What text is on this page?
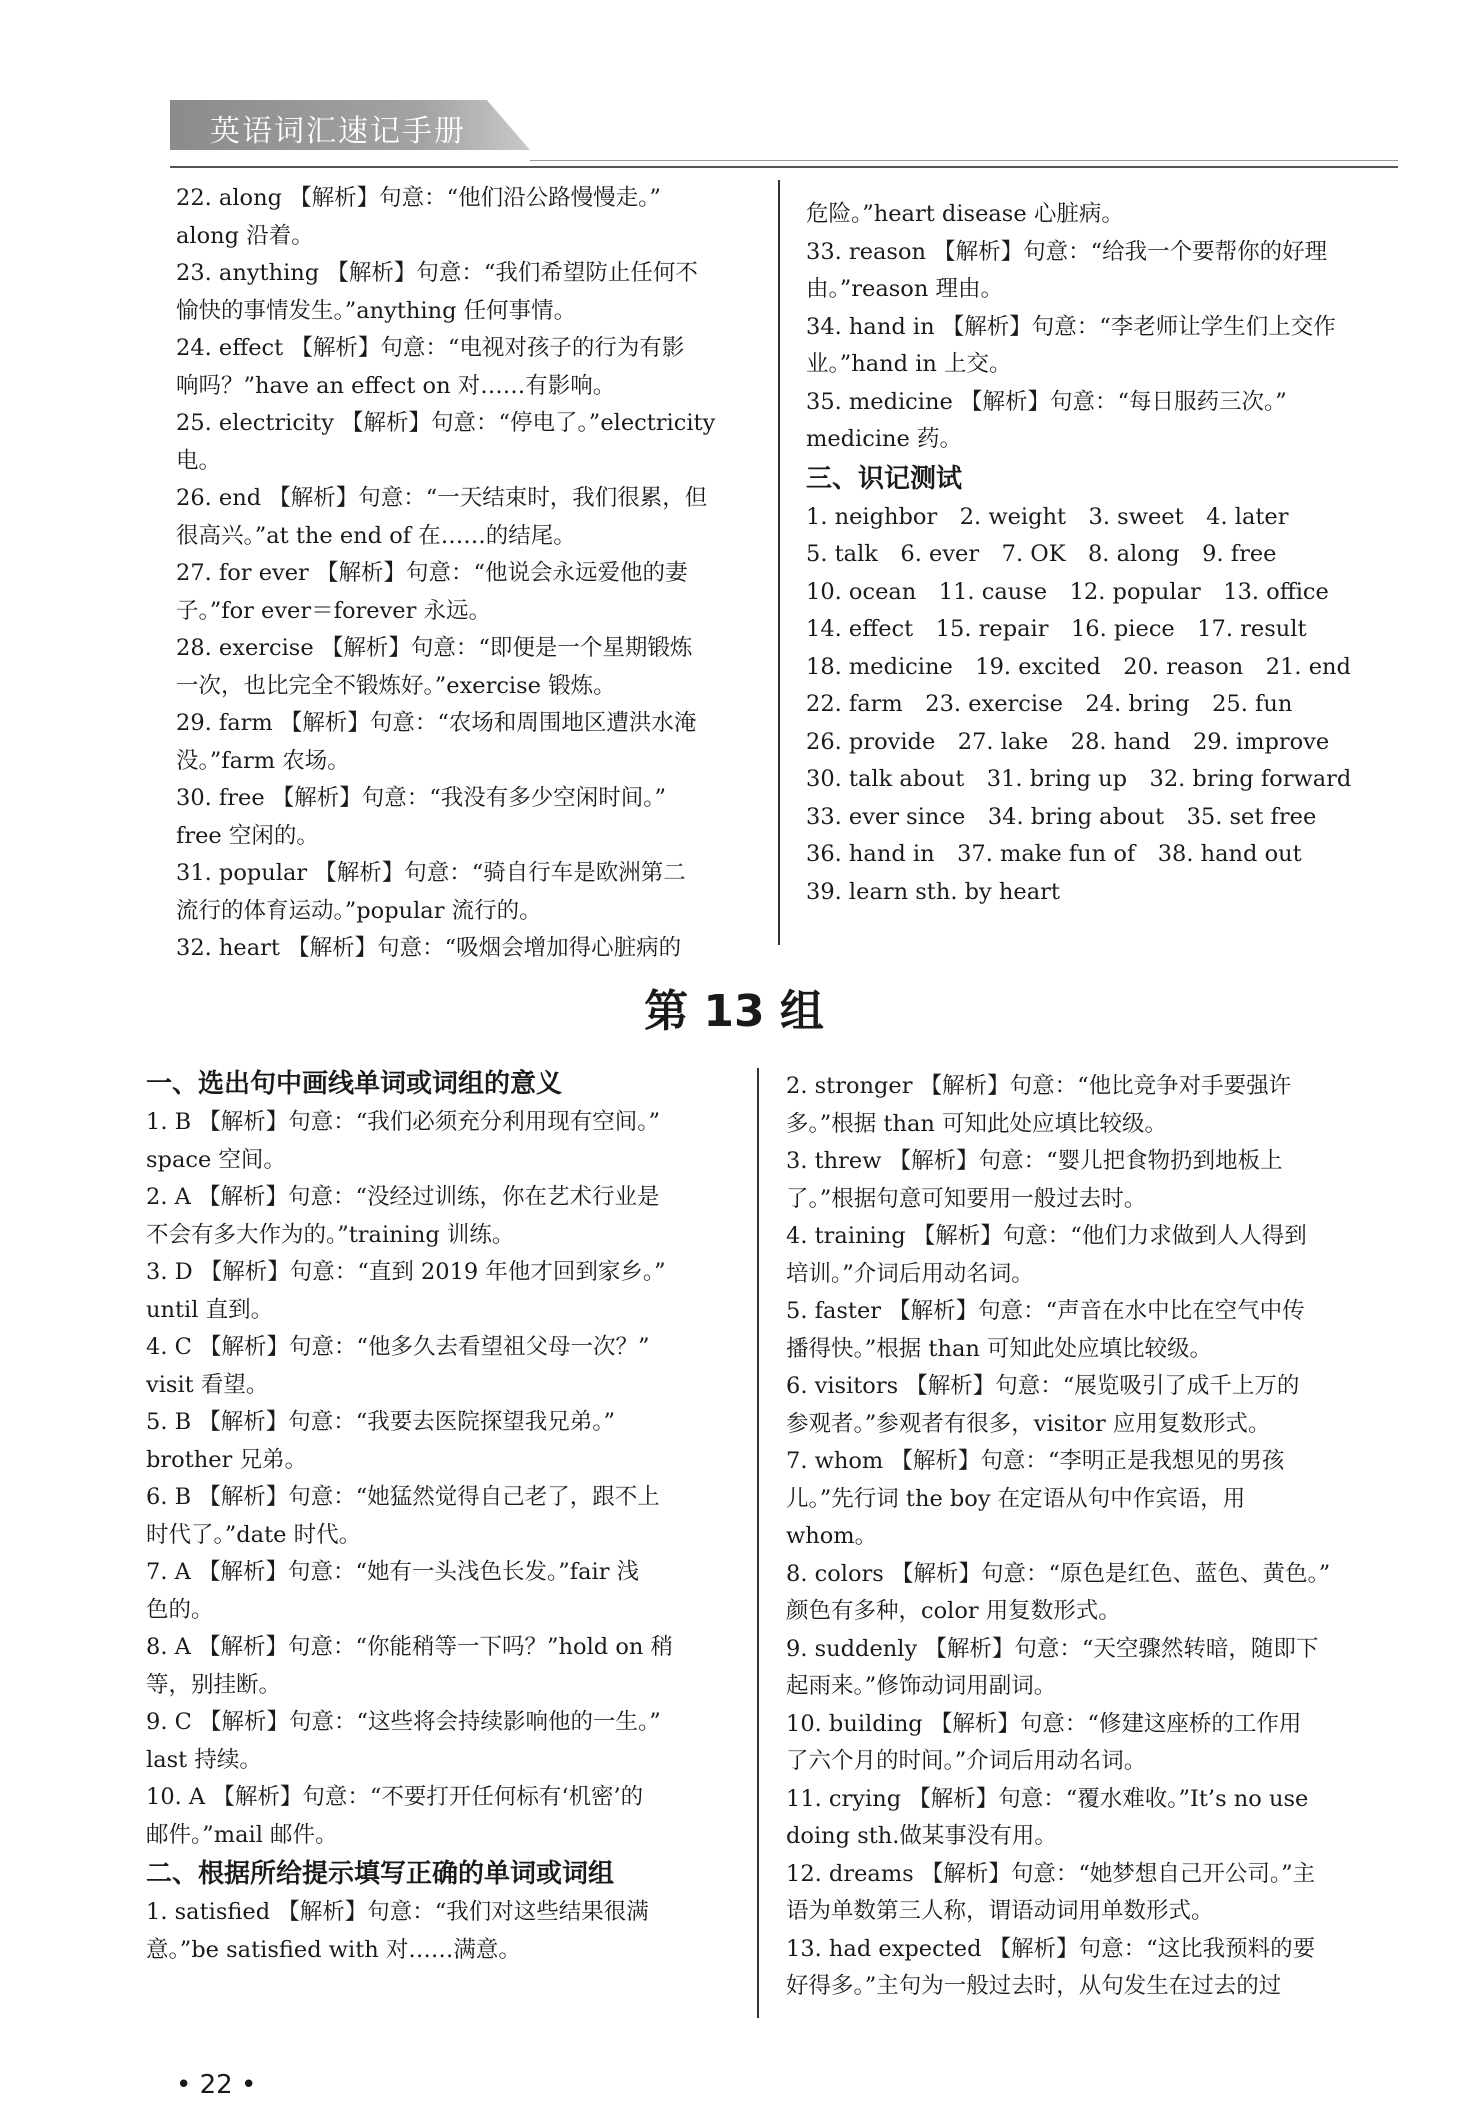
英语词汇速记手册

22. along 【解析】句意：“他们沿公路慢慢走。”

along 沿着。

23. anything 【解析】句意：“我们希望防止任何不

愉快的事情发生。”anything 任何事情。

24. effect 【解析】句意：“电视对孩子的行为有影

响吗？”have an effect on 对……有影响。

25. electricity 【解析】句意：“停电了。”electricity 电。

26. end 【解析】句意：“一天结束时，我们很累，但

很高兴。”at the end of 在……的结尾。

27. for ever 【解析】句意：“他说会永远爱他的妻

子。”for ever＝forever 永远。

28. exercise 【解析】句意：“即便是一个星期锻炼

一次，也比完全不锻炼好。”exercise 锻炼。

29. farm 【解析】句意：“农场和周围地区遭洪水淹

没。”farm 农场。

30. free 【解析】句意：“我没有多少空闲时间。”

free 空闲的。

31. popular 【解析】句意：“骑自行车是欧洲第二

流行的体育运动。”popular 流行的。

32. heart 【解析】句意：“吸烟会增加得心脏病的

危险。”heart disease 心脏病。

33. reason 【解析】句意：“给我一个要帮你的好理

由。”reason 理由。

34. hand in 【解析】句意：“李老师让学生们上交作

业。”hand in 上交。

35. medicine 【解析】句意：“每日服药三次。”

medicine 药。

三、识记测试

1. neighbor　2. weight　3. sweet　4. later

5. talk　6. ever　7. OK　8. along　9. free

10. ocean　11. cause　12. popular　13. office

14. effect　15. repair　16. piece　17. result

18. medicine　19. excited　20. reason　21. end

22. farm　23. exercise　24. bring　25. fun

26. provide　27. lake　28. hand　29. improve

30. talk about　31. bring up　32. bring forward

33. ever since　34. bring about　35. set free

36. hand in　37. make fun of　38. hand out

39. learn sth. by heart

第 13 组

一、选出句中画线单词或词组的意义

1. B 【解析】句意：“我们必须充分利用现有空间。”

space 空间。

2. A 【解析】句意：“没经过训练，你在艺术行业是

不会有多大作为的。”training 训练。

3. D 【解析】句意：“直到 2019 年他才回到家乡。”

until 直到。

4. C 【解析】句意：“他多久去看望祖父母一次？”

visit 看望。

5. B 【解析】句意：“我要去医院探望我兄弟。”

brother 兄弟。

6. B 【解析】句意：“她猛然觉得自己老了，跟不上

时代了。”date 时代。

7. A 【解析】句意：“她有一头浅色长发。”fair 浅

色的。

8. A 【解析】句意：“你能稍等一下吗？”hold on 稍

等，别挂断。

9. C 【解析】句意：“这些将会持续影响他的一生。”

last 持续。

10. A 【解析】句意：“不要打开任何标有‘机密’的

邮件。”mail 邮件。

二、根据所给提示填写正确的单词或词组

1. satisfied 【解析】句意：“我们对这些结果很满

意。”be satisfied with 对……满意。

2. stronger 【解析】句意：“他比竞争对手要强许

多。”根据 than 可知此处应填比较级。

3. threw 【解析】句意：“婴儿把食物扔到地板上

了。”根据句意可知要用一般过去时。

4. training 【解析】句意：“他们力求做到人人得到

培训。”介词后用动名词。

5. faster 【解析】句意：“声音在水中比在空气中传

播得快。”根据 than 可知此处应填比较级。

6. visitors 【解析】句意：“展览吸引了成千上万的

参观者。”参观者有很多，visitor 应用复数形式。

7. whom 【解析】句意：“李明正是我想见的男孩

儿。”先行词 the boy 在定语从句中作宾语，用

whom。

8. colors 【解析】句意：“原色是红色、蓝色、黄色。”

颜色有多种，color 用复数形式。

9. suddenly 【解析】句意：“天空骤然转暗，随即下

起雨来。”修饰动词用副词。

10. building 【解析】句意：“修建这座桥的工作用

了六个月的时间。”介词后用动名词。

11. crying 【解析】句意：“覆水难收。”It’s no use

doing sth.做某事没有用。

12. dreams 【解析】句意：“她梦想自己开公司。”主

语为单数第三人称，谓语动词用单数形式。

13. had expected 【解析】句意：“这比我预料的要

好得多。”主句为一般过去时，从句发生在过去的过

• 22 •
